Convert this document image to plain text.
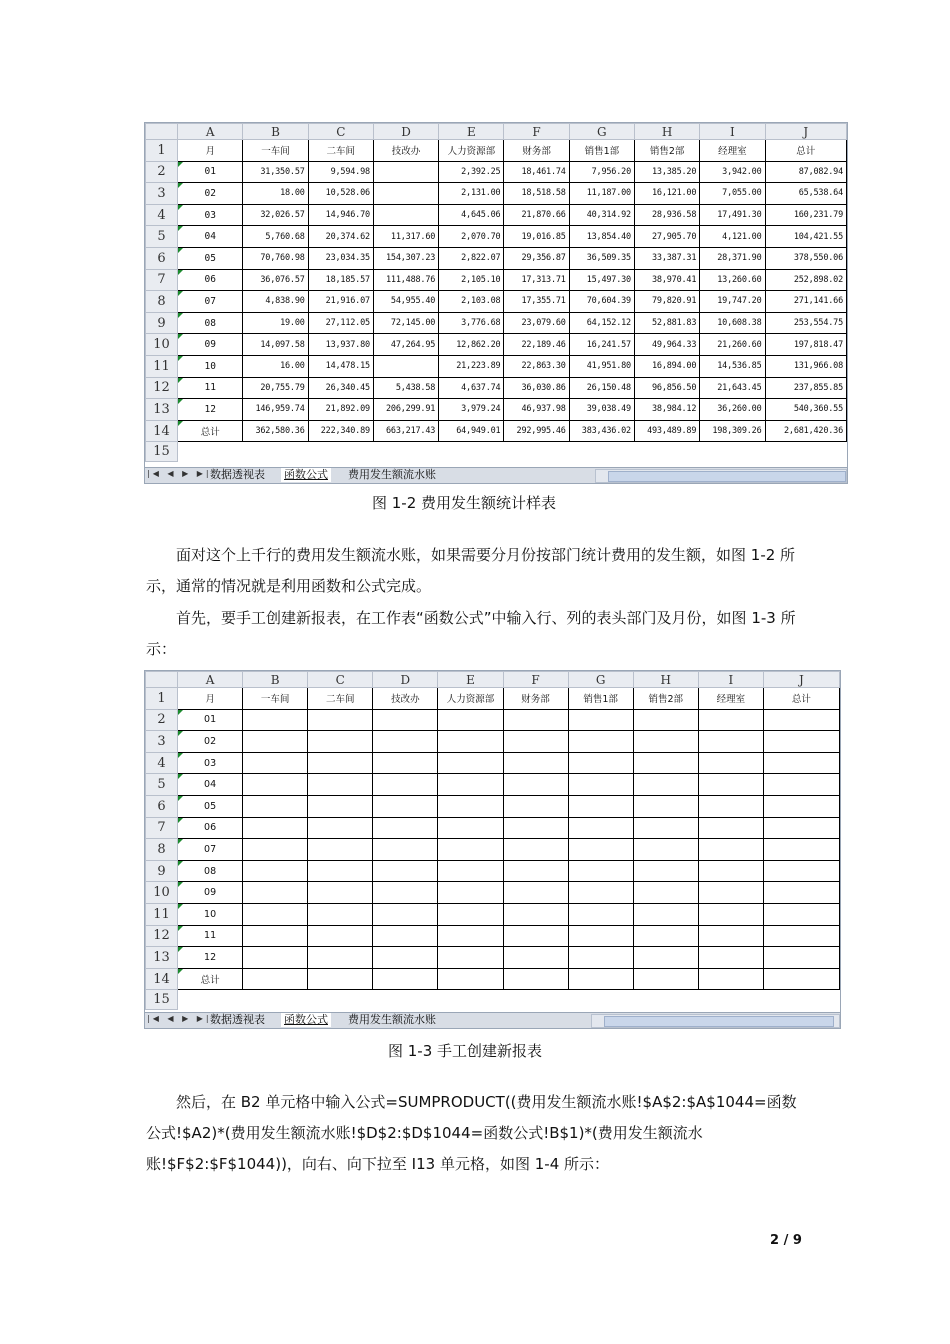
	A	B	C	D	E	F	G	H	I	J
1	月	一车间	二车间	技改办	人力资源部	财务部	销售1部	销售2部	经理室	总计
2	01	31,350.57	9,594.98		2,392.25	18,461.74	7,956.20	13,385.20	3,942.00	87,082.94
3	02	18.00	10,528.06		2,131.00	18,518.58	11,187.00	16,121.00	7,055.00	65,538.64
4	03	32,026.57	14,946.70		4,645.06	21,870.66	40,314.92	28,936.58	17,491.30	160,231.79
5	04	5,760.68	20,374.62	11,317.60	2,070.70	19,016.85	13,854.40	27,905.70	4,121.00	104,421.55
6	05	70,760.98	23,034.35	154,307.23	2,822.07	29,356.87	36,509.35	33,387.31	28,371.90	378,550.06
7	06	36,076.57	18,185.57	111,488.76	2,105.10	17,313.71	15,497.30	38,970.41	13,260.60	252,898.02
8	07	4,838.90	21,916.07	54,955.40	2,103.08	17,355.71	70,604.39	79,820.91	19,747.20	271,141.66
9	08	19.00	27,112.05	72,145.00	3,776.68	23,079.60	64,152.12	52,881.83	10,608.38	253,554.75
10	09	14,097.58	13,937.80	47,264.95	12,862.20	22,189.46	16,241.57	49,964.33	21,260.60	197,818.47
11	10	16.00	14,478.15		21,223.89	22,863.30	41,951.80	16,894.00	14,536.85	131,966.08
12	11	20,755.79	26,340.45	5,438.58	4,637.74	36,030.86	26,150.48	96,856.50	21,643.45	237,855.85
13	12	146,959.74	21,892.09	206,299.91	3,979.24	46,937.98	39,038.49	38,984.12	36,260.00	540,360.55
14	总计	362,580.36	222,340.89	663,217.43	64,949.01	292,995.46	383,436.02	493,489.89	198,309.26	2,681,420.36
15										
|◀ ◀ ▶ ▶|
数据透视表 函数公式 费用发生额流水账
图 1-2 费用发生额统计样表
面对这个上千行的费用发生额流水账，如果需要分月份按部门统计费用的发生额，如图 1-2 所示，通常的情况就是利用函数和公式完成。
首先，要手工创建新报表，在工作表“函数公式”中输入行、列的表头部门及月份，如图 1-3 所示：
	A	B	C	D	E	F	G	H	I	J
1	月	一车间	二车间	技改办	人力资源部	财务部	销售1部	销售2部	经理室	总计
2	01									
3	02									
4	03									
5	04									
6	05									
7	06									
8	07									
9	08									
10	09									
11	10									
12	11									
13	12									
14	总计									
15										
|◀ ◀ ▶ ▶|
数据透视表 函数公式 费用发生额流水账
图 1-3 手工创建新报表
然后，在 B2 单元格中输入公式=SUMPRODUCT((费用发生额流水账!$A$2:$A$1044=函数公式!$A2)*(费用发生额流水账!$D$2:$D$1044=函数公式!B$1)*(费用发生额流水账!$F$2:$F$1044))，向右、向下拉至 I13 单元格，如图 1-4 所示：
2 / 9
